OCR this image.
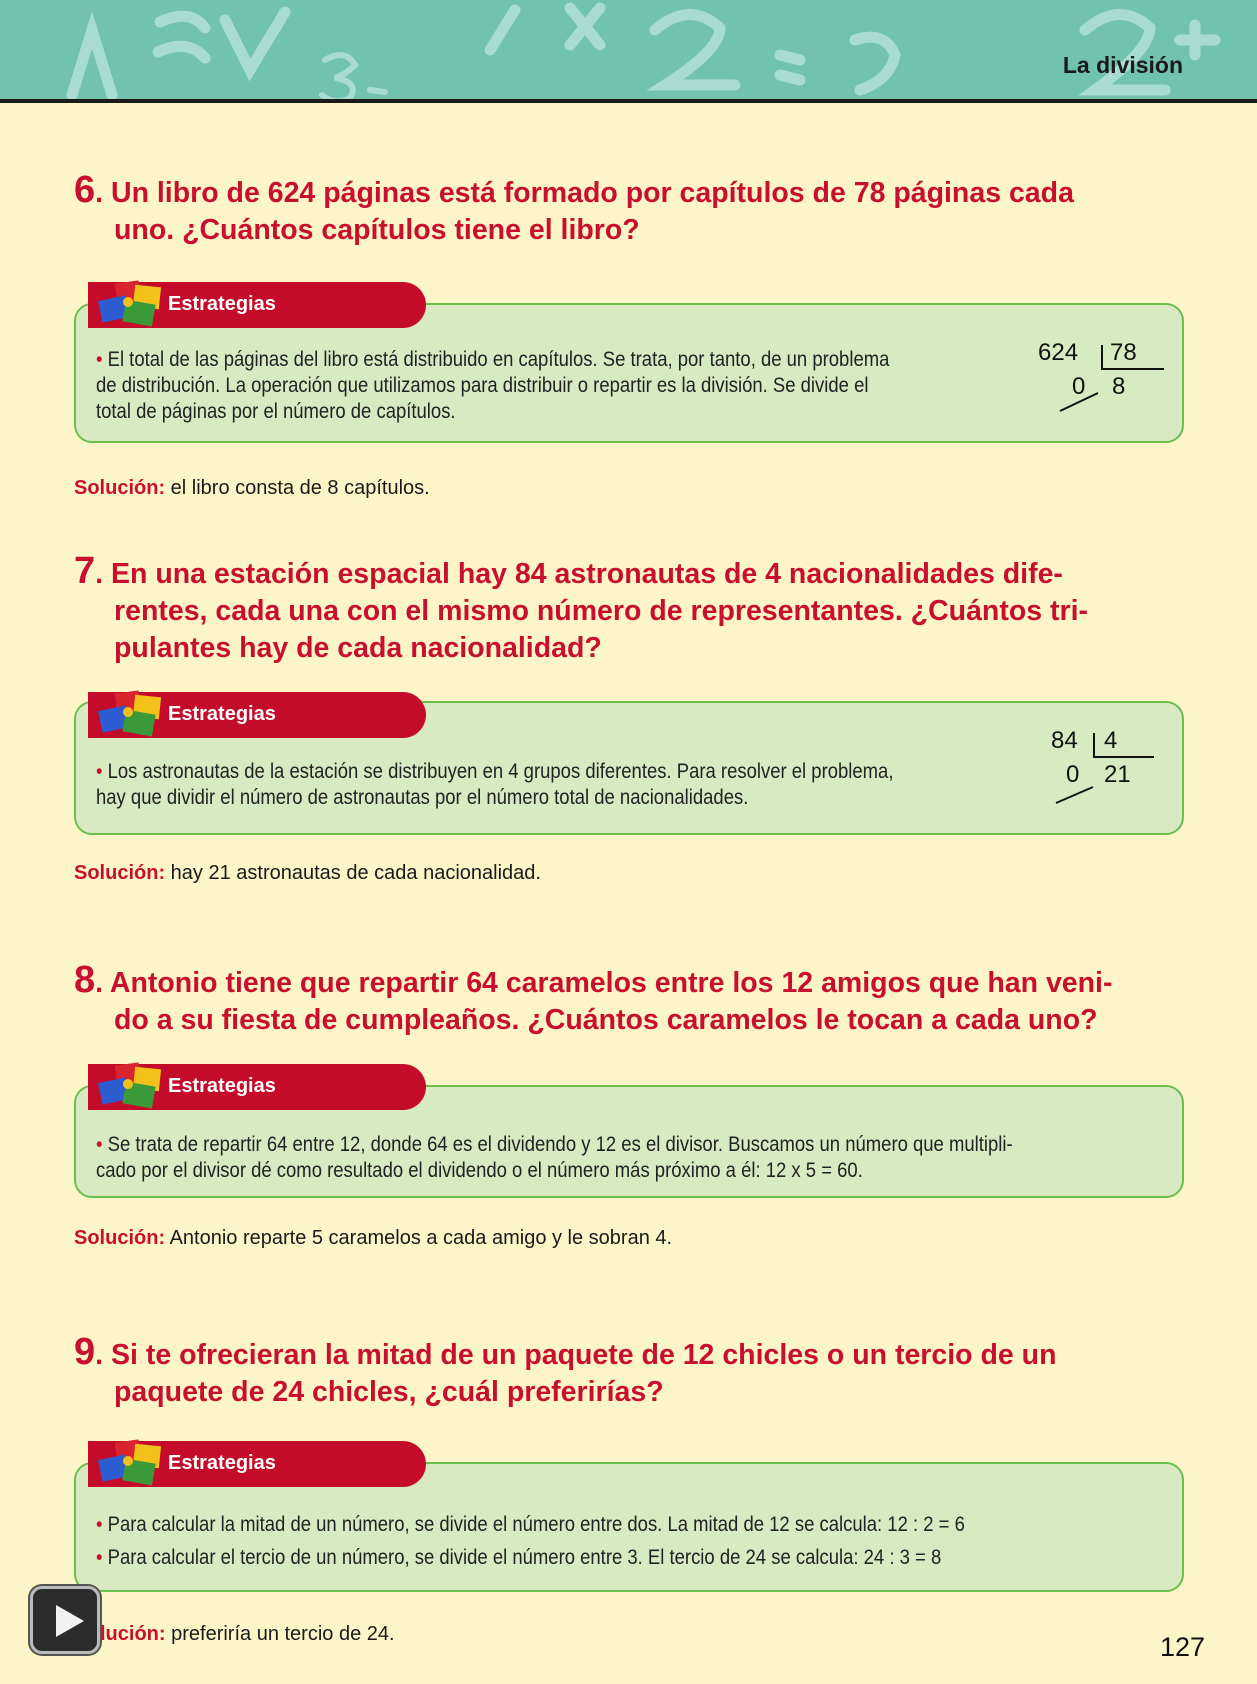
La división
6. Un libro de 624 páginas está formado por capítulos de 78 páginas cada
uno. ¿Cuántos capítulos tiene el libro?

• El total de las páginas del libro está distribuido en capítulos. Se trata, por tanto, de un problema

de distribución. La operación que utilizamos para distribuir o repartir es la división. Se divide el

total de páginas por el número de capítulos.

624 78
0 8
Estrategias
Solución: el libro consta de 8 capítulos.
7. En una estación espacial hay 84 astronautas de 4 nacionalidades dife-
rentes, cada una con el mismo número de representantes. ¿Cuántos tri-
pulantes hay de cada nacionalidad?

• Los astronautas de la estación se distribuyen en 4 grupos diferentes. Para resolver el problema,

hay que dividir el número de astronautas por el número total de nacionalidades.

84 4
0 21
Estrategias
Solución: hay 21 astronautas de cada nacionalidad.
8. Antonio tiene que repartir 64 caramelos entre los 12 amigos que han veni-
do a su fiesta de cumpleaños. ¿Cuántos caramelos le tocan a cada uno?

• Se trata de repartir 64 entre 12, donde 64 es el dividendo y 12 es el divisor. Buscamos un número que multipli-

cado por el divisor dé como resultado el dividendo o el número más próximo a él: 12 x 5 = 60.

Estrategias
Solución: Antonio reparte 5 caramelos a cada amigo y le sobran 4.
9. Si te ofrecieran la mitad de un paquete de 12 chicles o un tercio de un
paquete de 24 chicles, ¿cuál preferirías?

• Para calcular la mitad de un número, se divide el número entre dos. La mitad de 12 se calcula: 12 : 2 = 6

• Para calcular el tercio de un número, se divide el número entre 3. El tercio de 24 se calcula: 24 : 3 = 8

Estrategias
lución: preferiría un tercio de 24.	127
